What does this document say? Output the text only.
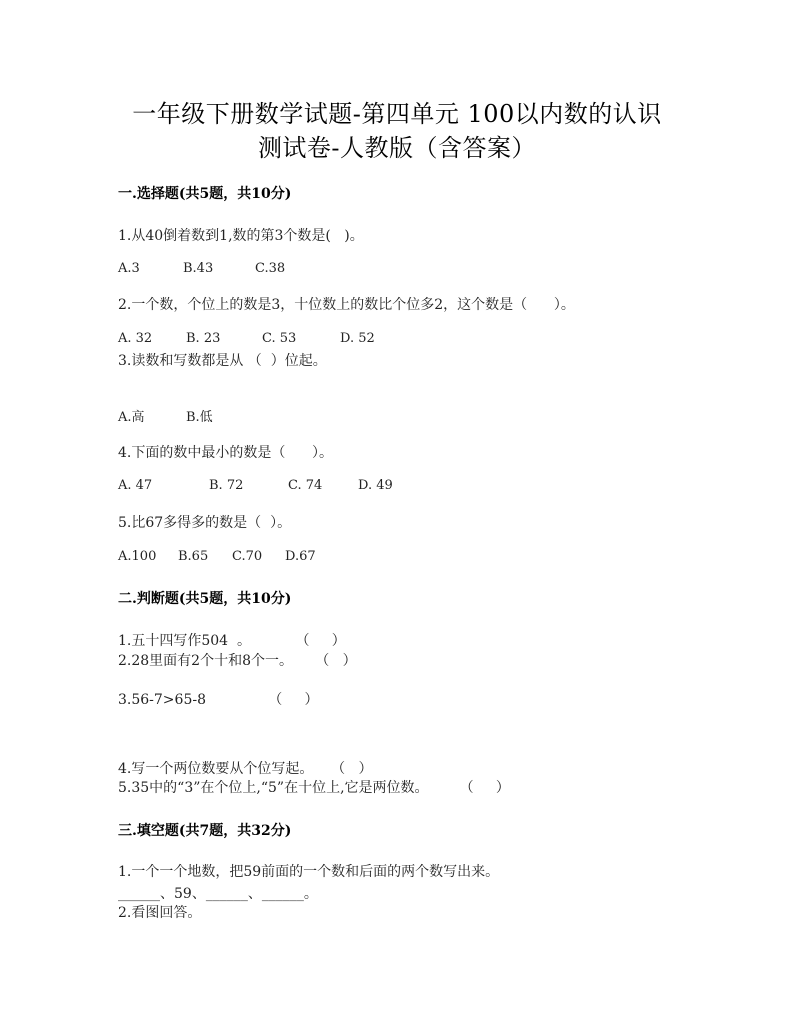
一年级下册数学试题-第四单元 100以内数的认识
测试卷-人教版（含答案）
一.选择题(共5题，共10分)
1.从40倒着数到1,数的第3个数是(   )。
A.3	B.43	C.38
2.一个数，个位上的数是3，十位数上的数比个位多2，这个数是（      ）。
A. 32	B. 23	C. 53	D. 52
3.读数和写数都是从 （  ）位起。
A.高	B.低
4.下面的数中最小的数是（      ）。
A. 47	B. 72	C. 74	D. 49
5.比67多得多的数是（  ）。
A.100 B.65 C.70 D.67
二.判断题(共5题，共10分)
1.五十四写作504  。          （     ）
2.28里面有2个十和8个一。     （   ）
3.56-7>65-8              （     ）
4.写一个两位数要从个位写起。    （   ）
5.35中的“3”在个位上,“5”在十位上,它是两位数。       （     ）
三.填空题(共7题，共32分)
1.一个一个地数，把59前面的一个数和后面的两个数写出来。
______、59、______、______。
2.看图回答。
